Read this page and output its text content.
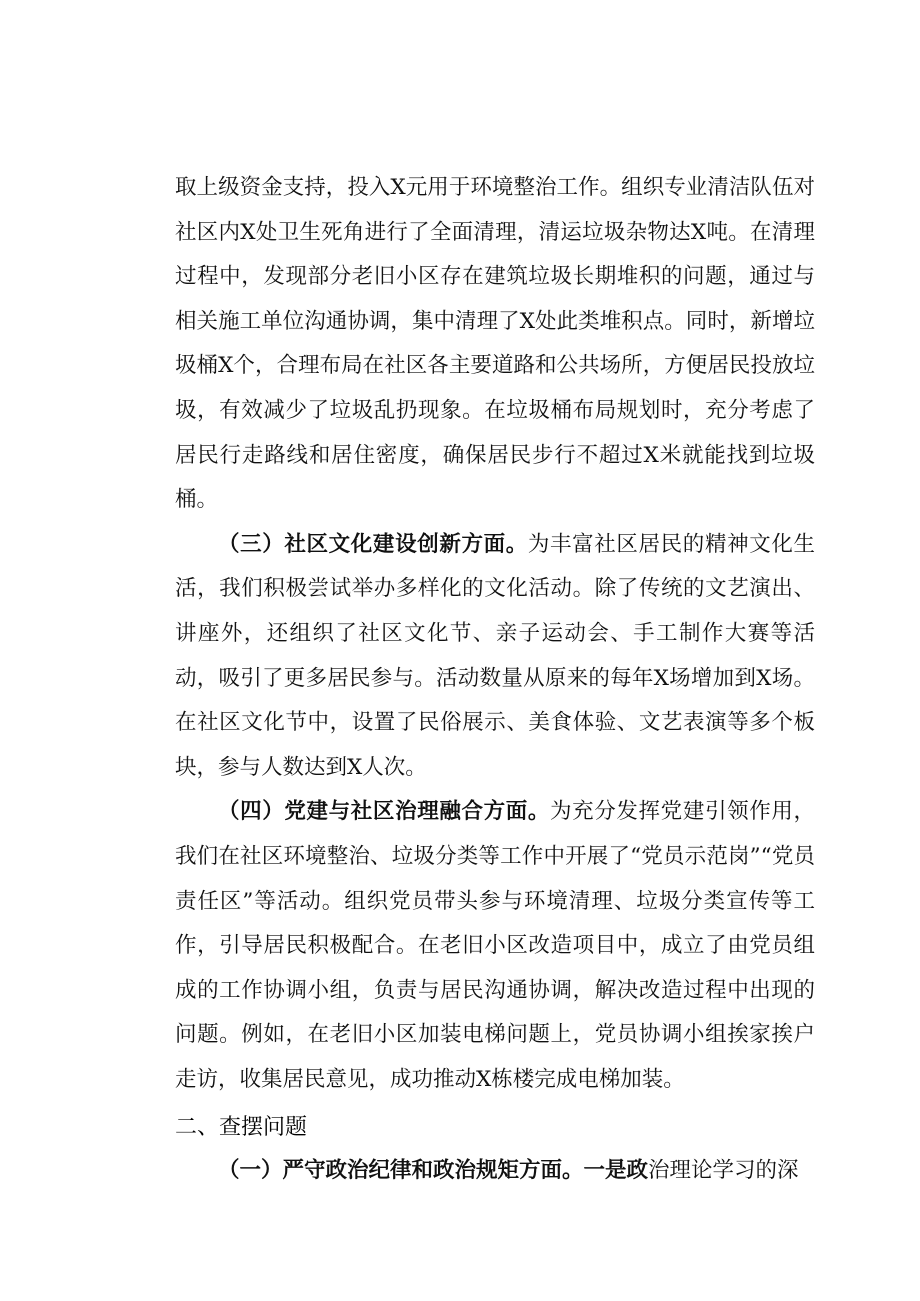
取上级资金支持，投入X元用于环境整治工作。组织专业清洁队伍对社区内X处卫生死角进行了全面清理，清运垃圾杂物达X吨。在清理过程中，发现部分老旧小区存在建筑垃圾长期堆积的问题，通过与相关施工单位沟通协调，集中清理了X处此类堆积点。同时，新增垃圾桶X个，合理布局在社区各主要道路和公共场所，方便居民投放垃圾，有效减少了垃圾乱扔现象。在垃圾桶布局规划时，充分考虑了居民行走路线和居住密度，确保居民步行不超过X米就能找到垃圾桶。

（三）社区文化建设创新方面。为丰富社区居民的精神文化生活，我们积极尝试举办多样化的文化活动。除了传统的文艺演出、讲座外，还组织了社区文化节、亲子运动会、手工制作大赛等活动，吸引了更多居民参与。活动数量从原来的每年X场增加到X场。在社区文化节中，设置了民俗展示、美食体验、文艺表演等多个板块，参与人数达到X人次。

（四）党建与社区治理融合方面。为充分发挥党建引领作用，我们在社区环境整治、垃圾分类等工作中开展了“党员示范岗”“党员责任区”等活动。组织党员带头参与环境清理、垃圾分类宣传等工作，引导居民积极配合。在老旧小区改造项目中，成立了由党员组成的工作协调小组，负责与居民沟通协调，解决改造过程中出现的问题。例如，在老旧小区加装电梯问题上，党员协调小组挨家挨户走访，收集居民意见，成功推动X栋楼完成电梯加装。

二、查摆问题

（一）严守政治纪律和政治规矩方面。一是政治理论学习的深
